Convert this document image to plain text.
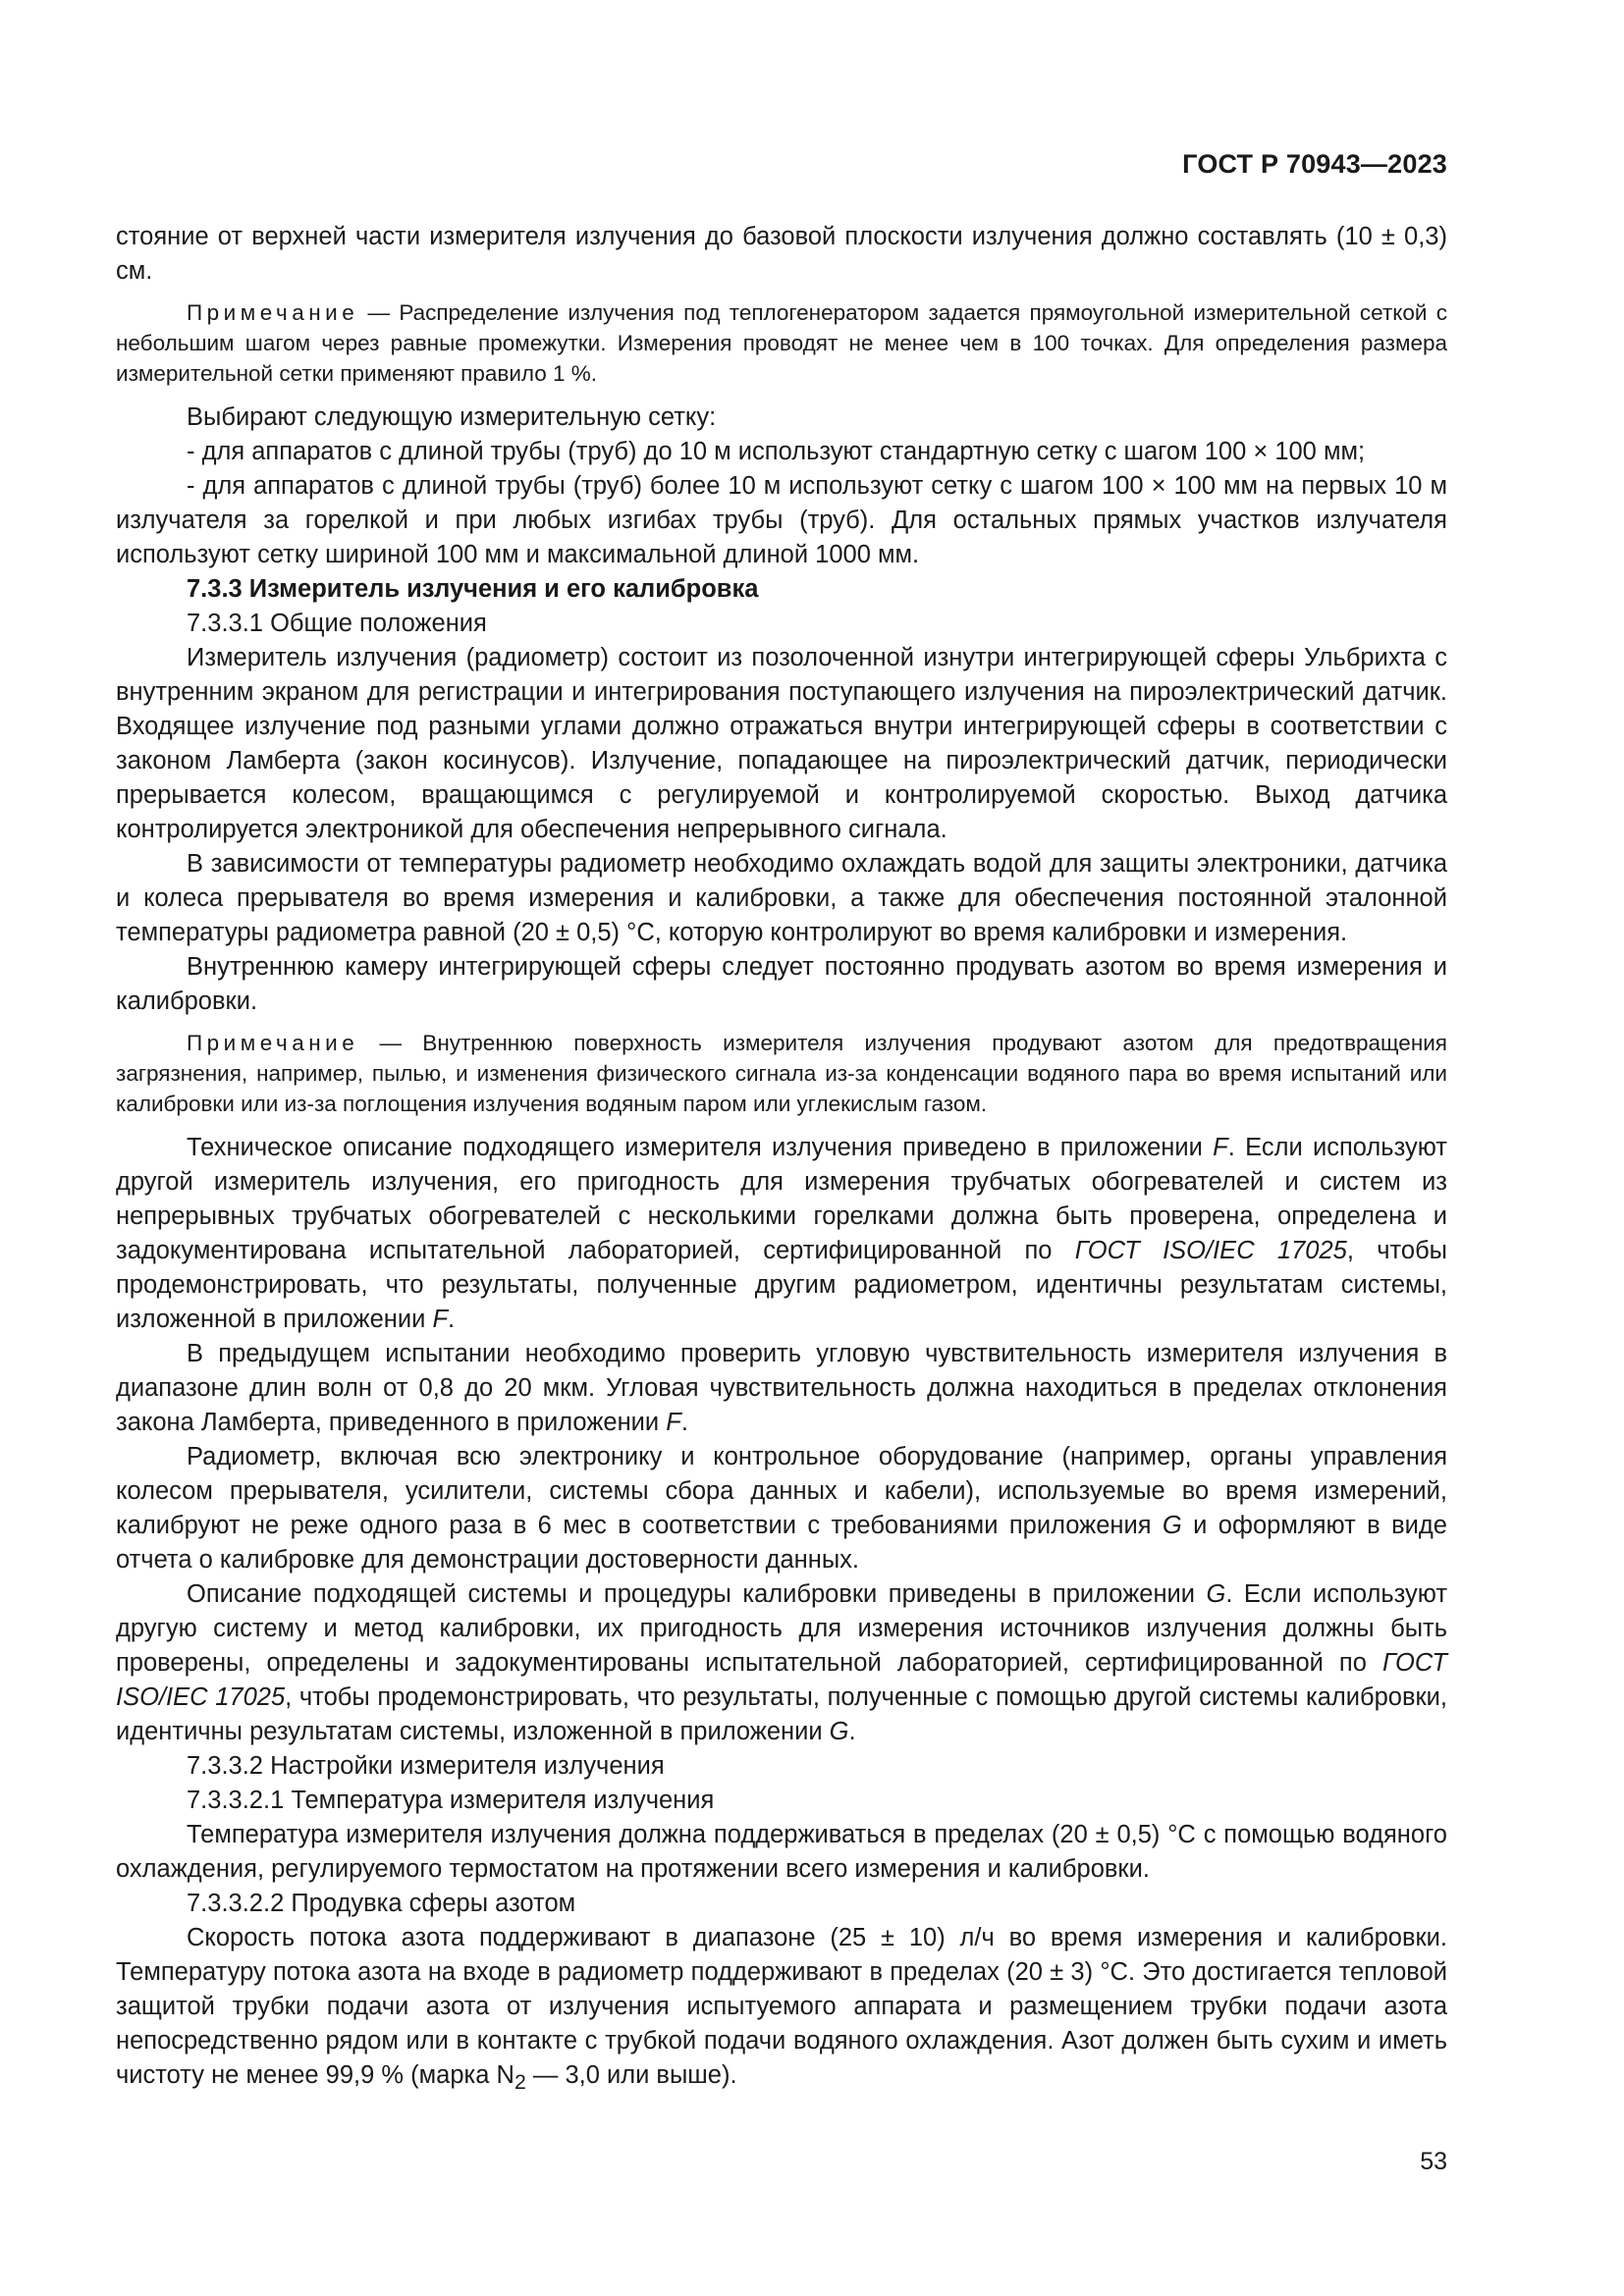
ГОСТ Р 70943—2023

стояние от верхней части измерителя излучения до базовой плоскости излучения должно составлять (10 ± 0,3) см.

Примечание — Распределение излучения под теплогенератором задается прямоугольной измерительной сеткой с небольшим шагом через равные промежутки. Измерения проводят не менее чем в 100 точках. Для определения размера измерительной сетки применяют правило 1 %.

Выбирают следующую измерительную сетку:

- для аппаратов с длиной трубы (труб) до 10 м используют стандартную сетку с шагом 100 × 100 мм;

- для аппаратов с длиной трубы (труб) более 10 м используют сетку с шагом 100 × 100 мм на первых 10 м излучателя за горелкой и при любых изгибах трубы (труб). Для остальных прямых участков излучателя используют сетку шириной 100 мм и максимальной длиной 1000 мм.

7.3.3 Измеритель излучения и его калибровка

7.3.3.1 Общие положения

Измеритель излучения (радиометр) состоит из позолоченной изнутри интегрирующей сферы Ульбрихта с внутренним экраном для регистрации и интегрирования поступающего излучения на пироэлектрический датчик. Входящее излучение под разными углами должно отражаться внутри интегрирующей сферы в соответствии с законом Ламберта (закон косинусов). Излучение, попадающее на пироэлектрический датчик, периодически прерывается колесом, вращающимся с регулируемой и контролируемой скоростью. Выход датчика контролируется электроникой для обеспечения непрерывного сигнала.

В зависимости от температуры радиометр необходимо охлаждать водой для защиты электроники, датчика и колеса прерывателя во время измерения и калибровки, а также для обеспечения постоянной эталонной температуры радиометра равной (20 ± 0,5) °С, которую контролируют во время калибровки и измерения.

Внутреннюю камеру интегрирующей сферы следует постоянно продувать азотом во время измерения и калибровки.

Примечание — Внутреннюю поверхность измерителя излучения продувают азотом для предотвращения загрязнения, например, пылью, и изменения физического сигнала из-за конденсации водяного пара во время испытаний или калибровки или из-за поглощения излучения водяным паром или углекислым газом.

Техническое описание подходящего измерителя излучения приведено в приложении F. Если используют другой измеритель излучения, его пригодность для измерения трубчатых обогревателей и систем из непрерывных трубчатых обогревателей с несколькими горелками должна быть проверена, определена и задокументирована испытательной лабораторией, сертифицированной по ГОСТ ISO/IEC 17025, чтобы продемонстрировать, что результаты, полученные другим радиометром, идентичны результатам системы, изложенной в приложении F.

В предыдущем испытании необходимо проверить угловую чувствительность измерителя излучения в диапазоне длин волн от 0,8 до 20 мкм. Угловая чувствительность должна находиться в пределах отклонения закона Ламберта, приведенного в приложении F.

Радиометр, включая всю электронику и контрольное оборудование (например, органы управления колесом прерывателя, усилители, системы сбора данных и кабели), используемые во время измерений, калибруют не реже одного раза в 6 мес в соответствии с требованиями приложения G и оформляют в виде отчета о калибровке для демонстрации достоверности данных.

Описание подходящей системы и процедуры калибровки приведены в приложении G. Если используют другую систему и метод калибровки, их пригодность для измерения источников излучения должны быть проверены, определены и задокументированы испытательной лабораторией, сертифицированной по ГОСТ ISO/IEC 17025, чтобы продемонстрировать, что результаты, полученные с помощью другой системы калибровки, идентичны результатам системы, изложенной в приложении G.

7.3.3.2 Настройки измерителя излучения

7.3.3.2.1 Температура измерителя излучения

Температура измерителя излучения должна поддерживаться в пределах (20 ± 0,5) °С с помощью водяного охлаждения, регулируемого термостатом на протяжении всего измерения и калибровки.

7.3.3.2.2 Продувка сферы азотом

Скорость потока азота поддерживают в диапазоне (25 ± 10) л/ч во время измерения и калибровки. Температуру потока азота на входе в радиометр поддерживают в пределах (20 ± 3) °С. Это достигается тепловой защитой трубки подачи азота от излучения испытуемого аппарата и размещением трубки подачи азота непосредственно рядом или в контакте с трубкой подачи водяного охлаждения. Азот должен быть сухим и иметь чистоту не менее 99,9 % (марка $N_2$ — 3,0 или выше).

53
